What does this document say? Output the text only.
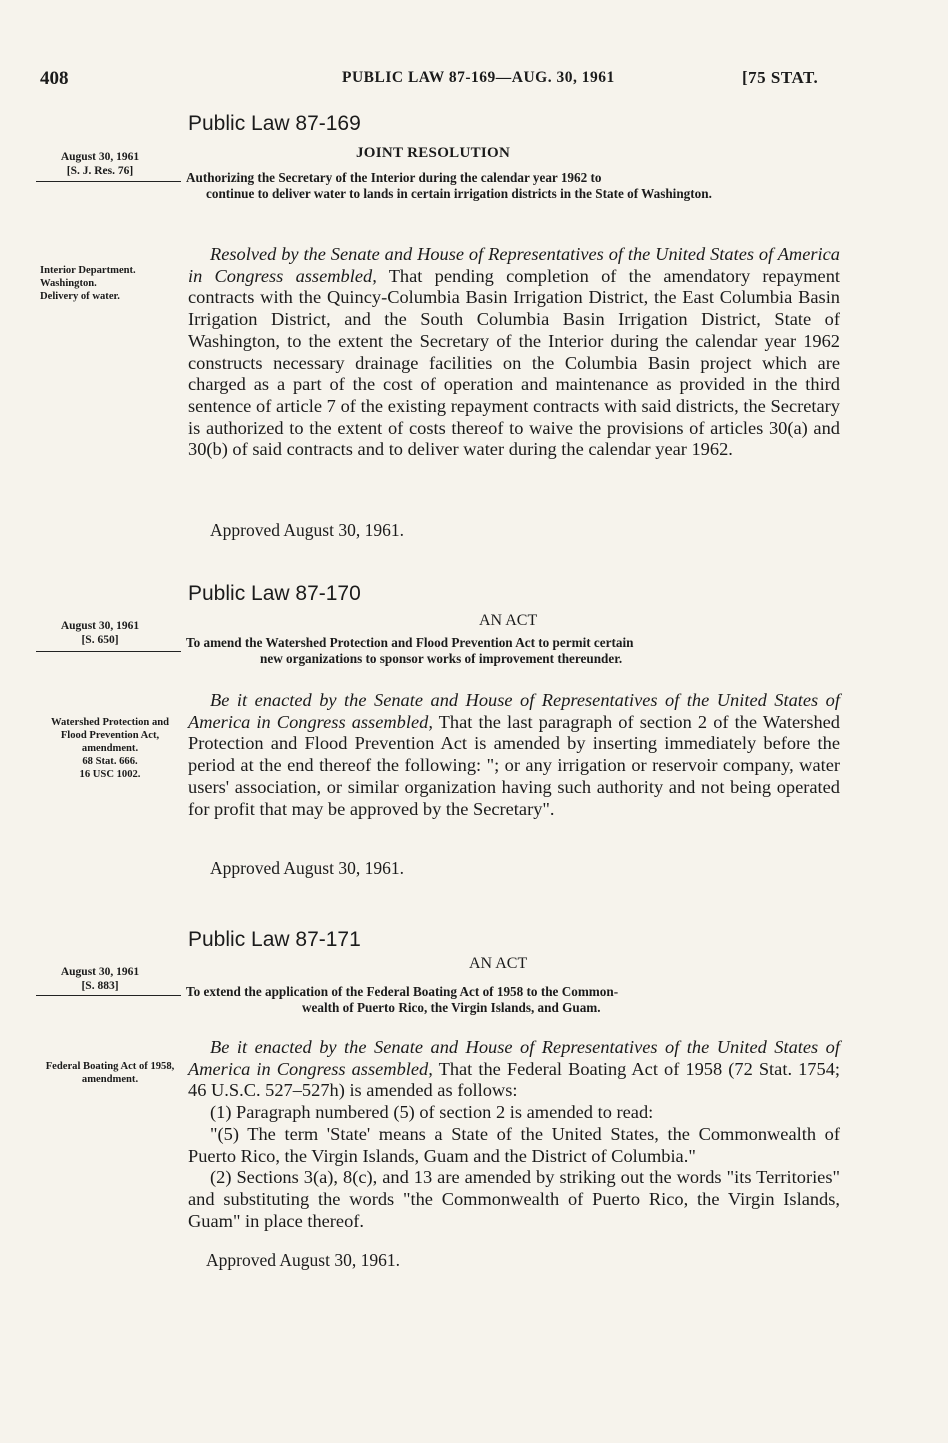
408	PUBLIC LAW 87-169—AUG. 30, 1961	[75 STAT.
Public Law 87-169
JOINT RESOLUTION
August 30, 1961
[S. J. Res. 76]	Authorizing the Secretary of the Interior during the calendar year 1962 to
continue to deliver water to lands in certain irrigation districts in the State of Washington.
Interior Department.
Washington.
Delivery of water.

Resolved by the Senate and House of Representatives of the United States of America in Congress assembled, That pending completion of the amendatory repayment contracts with the Quincy-Columbia Basin Irrigation District, the East Columbia Basin Irrigation District, and the South Columbia Basin Irrigation District, State of Washington, to the extent the Secretary of the Interior during the calendar year 1962 constructs necessary drainage facilities on the Columbia Basin project which are charged as a part of the cost of operation and maintenance as provided in the third sentence of article 7 of the existing repayment contracts with said districts, the Secretary is authorized to the extent of costs thereof to waive the provisions of articles 30(a) and 30(b) of said contracts and to deliver water during the calendar year 1962.

Approved August 30, 1961.
Public Law 87-170
AN ACT
August 30, 1961
[S. 650]	To amend the Watershed Protection and Flood Prevention Act to permit certain
new organizations to sponsor works of improvement thereunder.
Watershed Protection and Flood Prevention Act, amendment.
68 Stat. 666.
16 USC 1002.

Be it enacted by the Senate and House of Representatives of the United States of America in Congress assembled, That the last paragraph of section 2 of the Watershed Protection and Flood Prevention Act is amended by inserting immediately before the period at the end thereof the following: "; or any irrigation or reservoir company, water users' association, or similar organization having such authority and not being operated for profit that may be approved by the Secretary".

Approved August 30, 1961.
Public Law 87-171
AN ACT
August 30, 1961
[S. 883]	To extend the application of the Federal Boating Act of 1958 to the Common-
wealth of Puerto Rico, the Virgin Islands, and Guam.
Federal Boating Act of 1958, amendment.

Be it enacted by the Senate and House of Representatives of the United States of America in Congress assembled, That the Federal Boating Act of 1958 (72 Stat. 1754; 46 U.S.C. 527–527h) is amended as follows:

(1) Paragraph numbered (5) of section 2 is amended to read:

"(5) The term 'State' means a State of the United States, the Commonwealth of Puerto Rico, the Virgin Islands, Guam and the District of Columbia."

(2) Sections 3(a), 8(c), and 13 are amended by striking out the words "its Territories" and substituting the words "the Commonwealth of Puerto Rico, the Virgin Islands, Guam" in place thereof.

Approved August 30, 1961.
